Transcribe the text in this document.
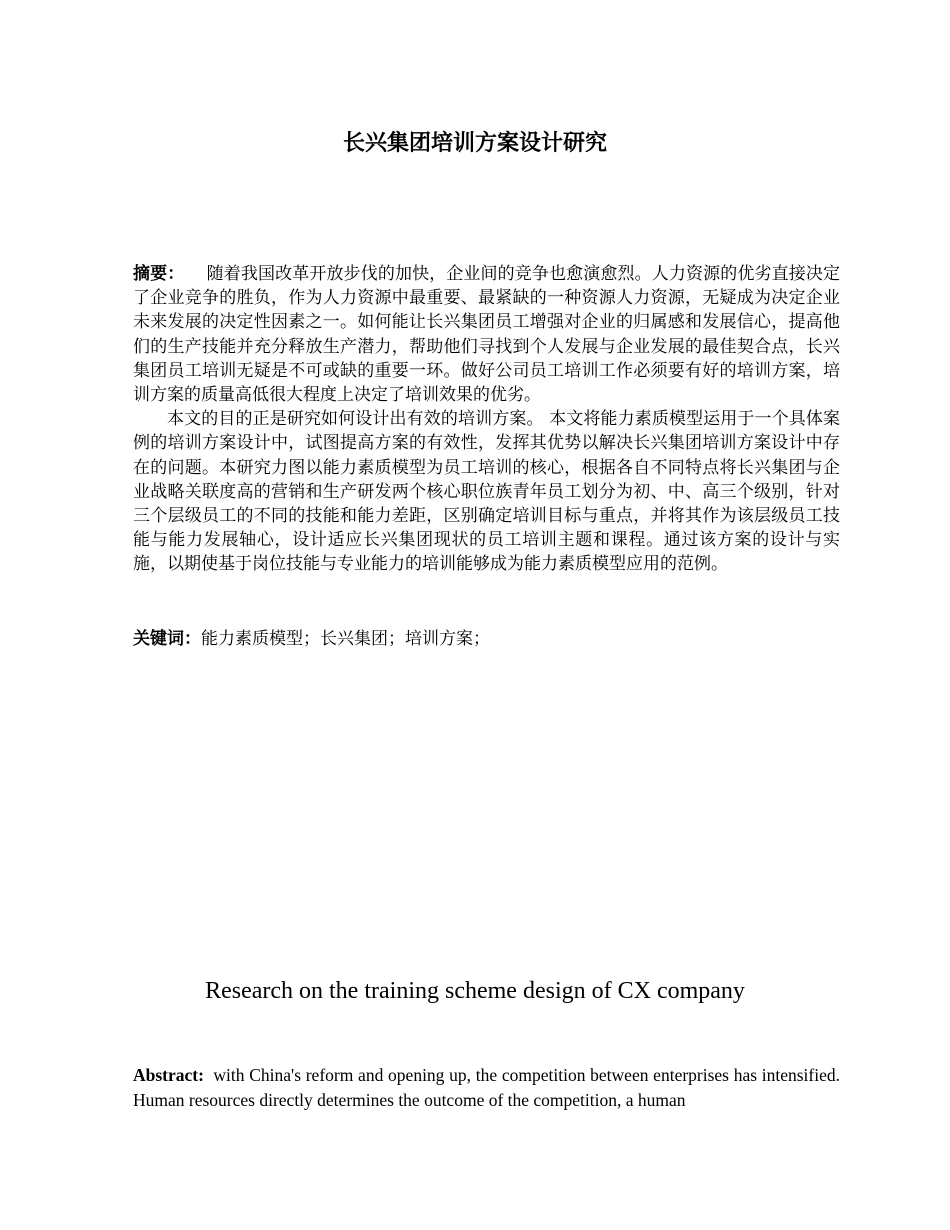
长兴集团培训方案设计研究

摘要： 随着我国改革开放步伐的加快，企业间的竞争也愈演愈烈。人力资源的优劣直接决定了企业竞争的胜负，作为人力资源中最重要、最紧缺的一种资源人力资源，无疑成为决定企业未来发展的决定性因素之一。如何能让长兴集团员工增强对企业的归属感和发展信心，提高他们的生产技能并充分释放生产潜力，帮助他们寻找到个人发展与企业发展的最佳契合点，长兴集团员工培训无疑是不可或缺的重要一环。做好公司员工培训工作必须要有好的培训方案，培训方案的质量高低很大程度上决定了培训效果的优劣。

本文的目的正是研究如何设计出有效的培训方案。 本文将能力素质模型运用于一个具体案例的培训方案设计中，试图提高方案的有效性，发挥其优势以解决长兴集团培训方案设计中存在的问题。本研究力图以能力素质模型为员工培训的核心，根据各自不同特点将长兴集团与企业战略关联度高的营销和生产研发两个核心职位族青年员工划分为初、中、高三个级别，针对三个层级员工的不同的技能和能力差距，区别确定培训目标与重点，并将其作为该层级员工技能与能力发展轴心，设计适应长兴集团现状的员工培训主题和课程。通过该方案的设计与实施，以期使基于岗位技能与专业能力的培训能够成为能力素质模型应用的范例。

关键词：能力素质模型；长兴集团；培训方案；
Research on the training scheme design of CX company

Abstract: with China's reform and opening up, the competition between enterprises has intensified. Human resources directly determines the outcome of the competition, a human
